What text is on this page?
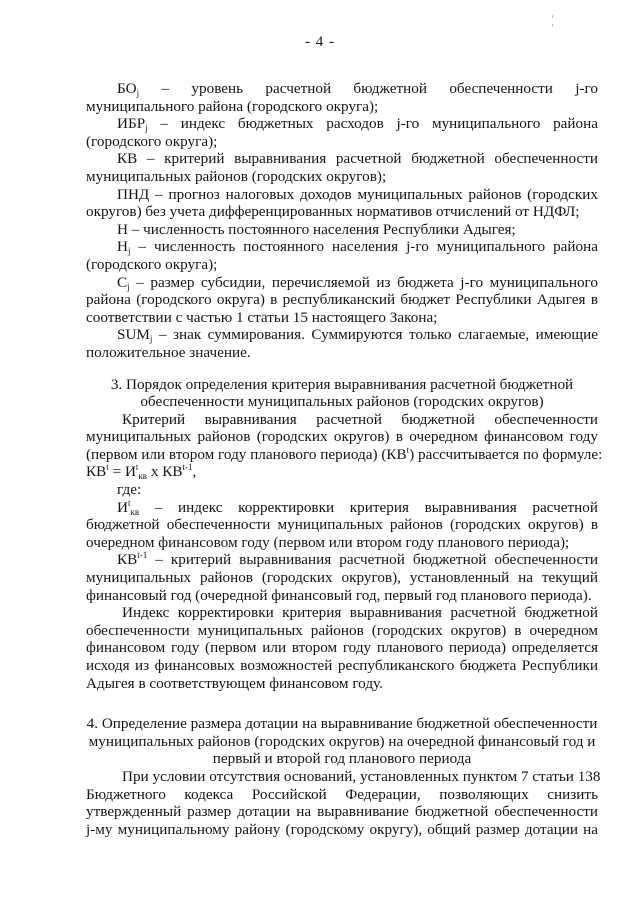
' '
- 4 -

$БО_j$ – уровень расчетной бюджетной обеспеченности j-го

муниципального района (городского округа);

$ИБР_j$ – индекс бюджетных расходов j-го муниципального района

(городского округа);

КВ – критерий выравнивания расчетной бюджетной обеспеченности

муниципальных районов (городских округов);

ПНД – прогноз налоговых доходов муниципальных районов (городских

округов) без учета дифференцированных нормативов отчислений от НДФЛ;

Н – численность постоянного населения Республики Адыгея;

$Н_j$ – численность постоянного населения j-го муниципального района

(городского округа);

$С_j$ – размер субсидии, перечисляемой из бюджета j-го муниципального

района (городского округа) в республиканский бюджет Республики Адыгея в

соответствии с частью 1 статьи 15 настоящего Закона;

$SUM_j$ – знак суммирования. Суммируются только слагаемые, имеющие

положительное значение.

3. Порядок определения критерия выравнивания расчетной бюджетной

обеспеченности муниципальных районов (городских округов)

Критерий выравнивания расчетной бюджетной обеспеченности

муниципальных районов (городских округов) в очередном финансовом году

(первом или втором году планового периода) $(КВ^t)$ рассчитывается по формуле:

$КВ^t = И^t_{кв}$ x КВ$^{t-1}$,

где:

$И^t_{кв}$ – индекс корректировки критерия выравнивания расчетной

бюджетной обеспеченности муниципальных районов (городских округов) в

очередном финансовом году (первом или втором году планового периода);

КВ$^{t-1}$ – критерий выравнивания расчетной бюджетной обеспеченности

муниципальных районов (городских округов), установленный на текущий

финансовый год (очередной финансовый год, первый год планового периода).

Индекс корректировки критерия выравнивания расчетной бюджетной

обеспеченности муниципальных районов (городских округов) в очередном

финансовом году (первом или втором году планового периода) определяется

исходя из финансовых возможностей республиканского бюджета Республики

Адыгея в соответствующем финансовом году.

4. Определение размера дотации на выравнивание бюджетной обеспеченности

муниципальных районов (городских округов) на очередной финансовый год и

первый и второй год планового периода

При условии отсутствия оснований, установленных пунктом 7 статьи 138

Бюджетного кодекса Российской Федерации, позволяющих снизить

утвержденный размер дотации на выравнивание бюджетной обеспеченности

j-му муниципальному району (городскому округу), общий размер дотации на
